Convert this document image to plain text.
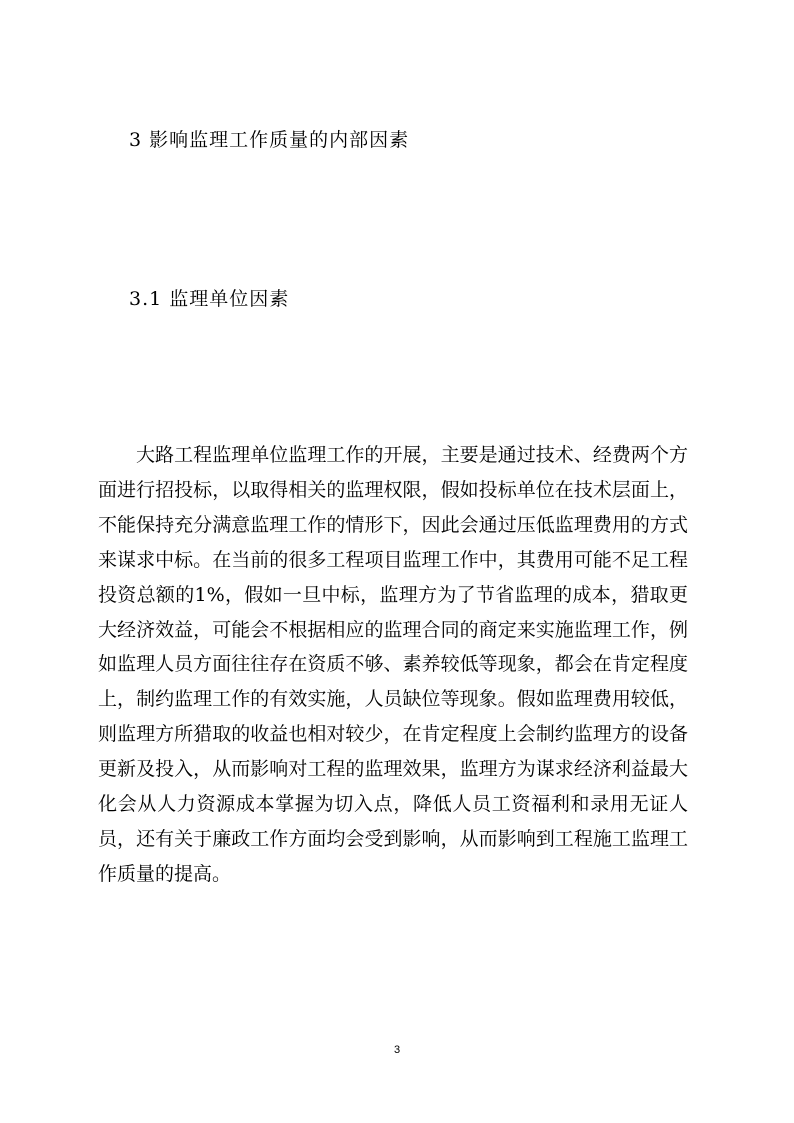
3 影响监理工作质量的内部因素
3.1 监理单位因素

大路工程监理单位监理工作的开展，主要是通过技术、经费两个方面进行招投标，以取得相关的监理权限，假如投标单位在技术层面上，不能保持充分满意监理工作的情形下，因此会通过压低监理费用的方式来谋求中标。在当前的很多工程项目监理工作中，其费用可能不足工程投资总额的1%，假如一旦中标，监理方为了节省监理的成本，猎取更大经济效益，可能会不根据相应的监理合同的商定来实施监理工作，例如监理人员方面往往存在资质不够、素养较低等现象，都会在肯定程度上，制约监理工作的有效实施，人员缺位等现象。假如监理费用较低，则监理方所猎取的收益也相对较少，在肯定程度上会制约监理方的设备更新及投入，从而影响对工程的监理效果，监理方为谋求经济利益最大化会从人力资源成本掌握为切入点，降低人员工资福利和录用无证人员，还有关于廉政工作方面均会受到影响，从而影响到工程施工监理工作质量的提高。

3
